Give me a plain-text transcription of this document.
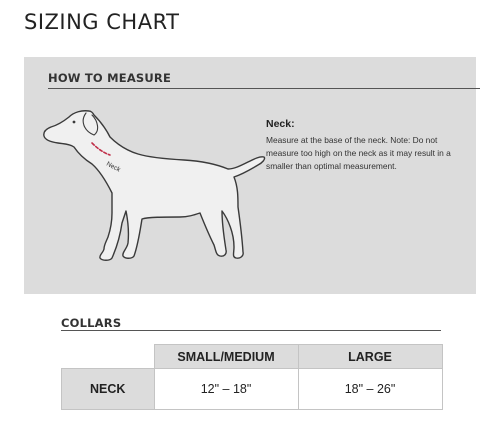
SIZING CHART
HOW TO MEASURE
Neck
Neck:
Measure at the base of the neck. Note: Do not measure too high on the neck as it may result in a smaller than optimal measurement.
COLLARS
	SMALL/MEDIUM	LARGE
NECK	12" – 18"	18" – 26"
